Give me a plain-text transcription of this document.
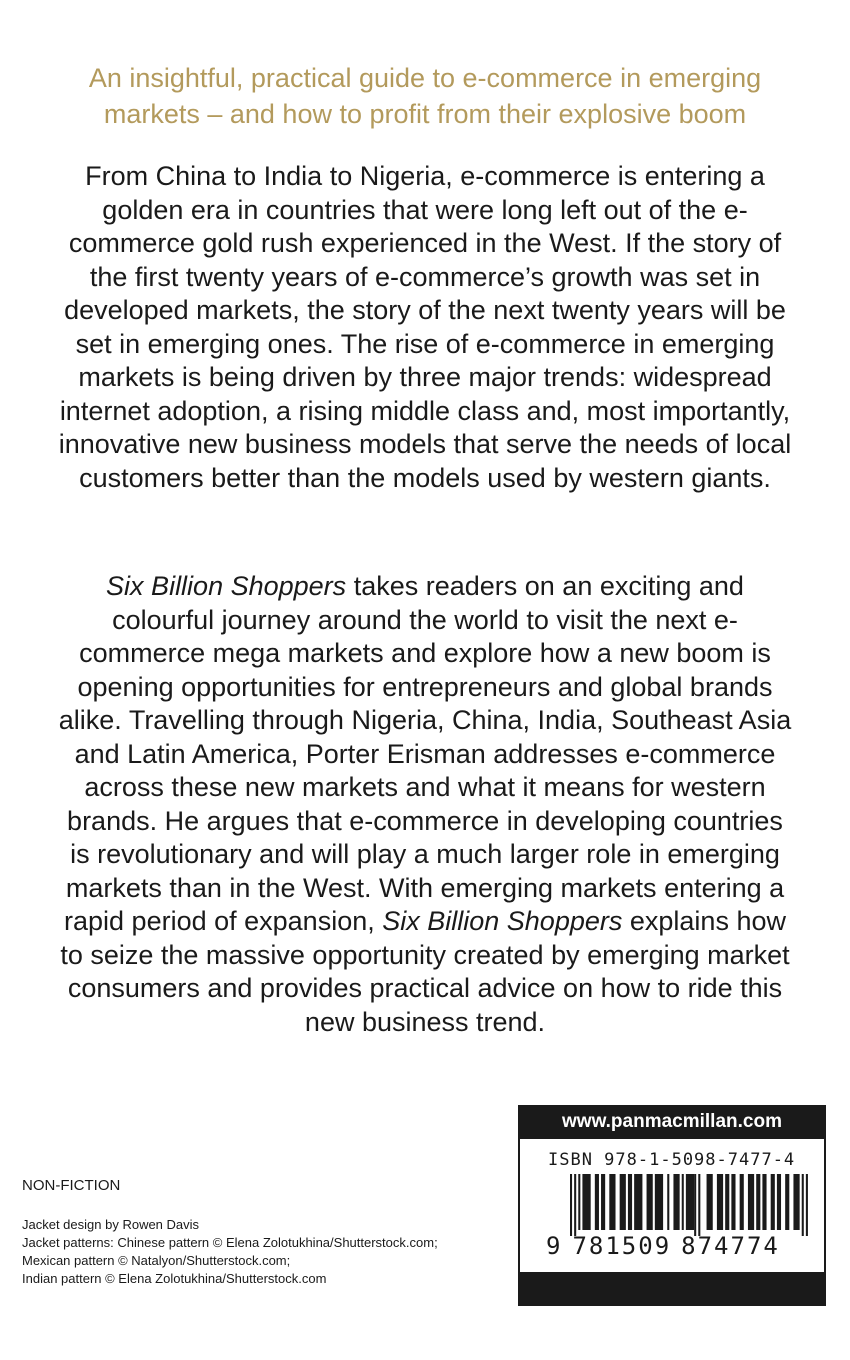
An insightful, practical guide to e-commerce in emerging markets – and how to profit from their explosive boom

From China to India to Nigeria, e-commerce is entering a golden era in countries that were long left out of the e-commerce gold rush experienced in the West. If the story of the first twenty years of e-commerce’s growth was set in developed markets, the story of the next twenty years will be set in emerging ones. The rise of e-commerce in emerging markets is being driven by three major trends: widespread internet adoption, a rising middle class and, most importantly, innovative new business models that serve the needs of local customers better than the models used by western giants.

Six Billion Shoppers takes readers on an exciting and colourful journey around the world to visit the next e-commerce mega markets and explore how a new boom is opening opportunities for entrepreneurs and global brands alike. Travelling through Nigeria, China, India, Southeast Asia and Latin America, Porter Erisman addresses e-commerce across these new markets and what it means for western brands. He argues that e-commerce in developing countries is revolutionary and will play a much larger role in emerging markets than in the West. With emerging markets entering a rapid period of expansion, Six Billion Shoppers explains how to seize the massive opportunity created by emerging market consumers and provides practical advice on how to ride this new business trend.

www.panmacmillan.com
ISBN 978-1-5098-7477-4
9 781509 874774

NON-FICTION

Jacket design by Rowen Davis
Jacket patterns: Chinese pattern © Elena Zolotukhina/Shutterstock.com;
Mexican pattern © Natalyon/Shutterstock.com;
Indian pattern © Elena Zolotukhina/Shutterstock.com
